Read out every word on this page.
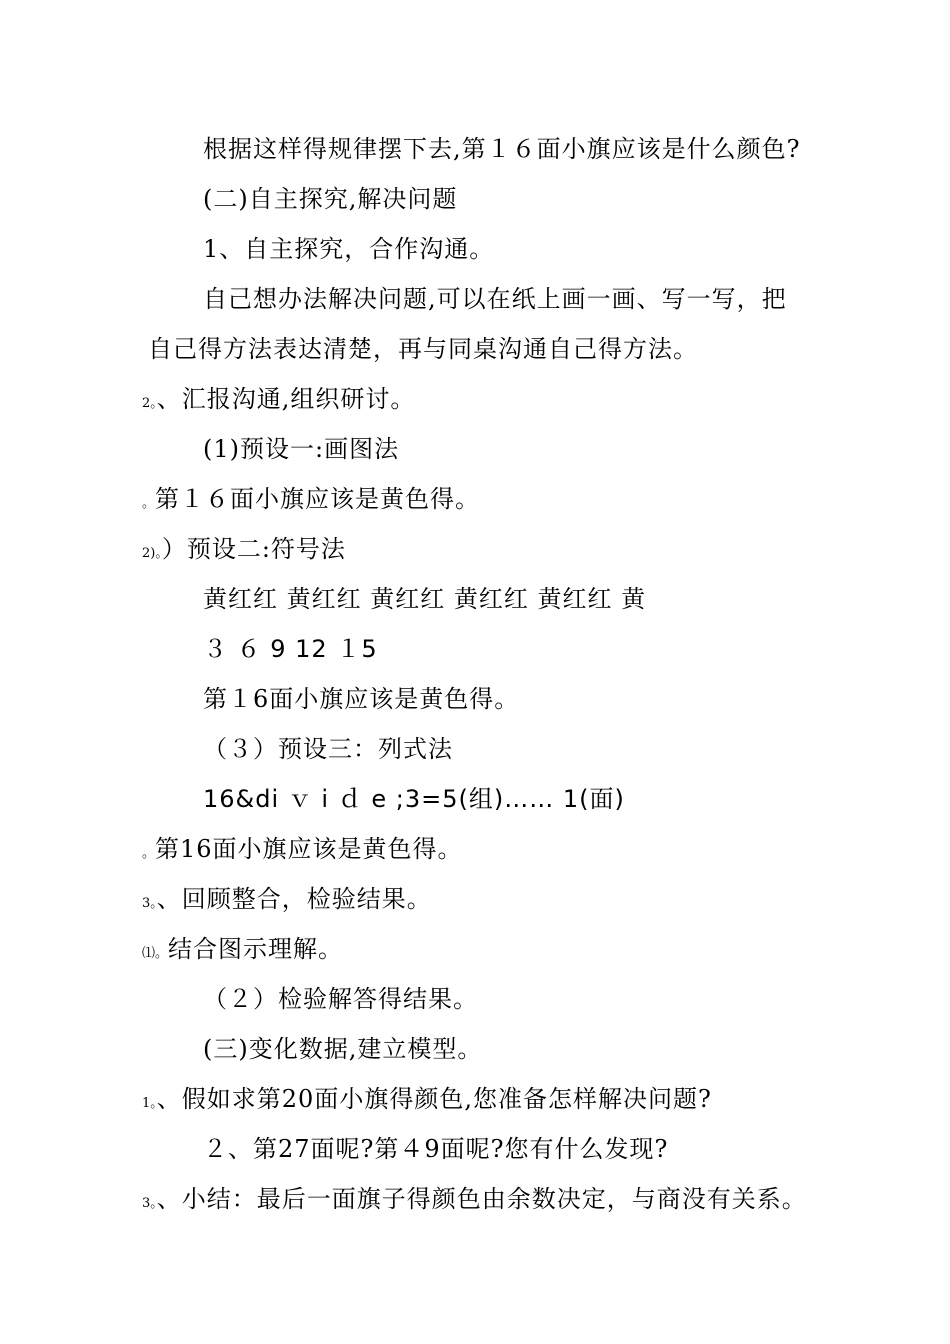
根据这样得规律摆下去,第１６面小旗应该是什么颜色?
(二)自主探究,解决问题
1、自主探究，合作沟通。
自己想办法解决问题,可以在纸上画一画、写一写，把
自己得方法表达清楚，再与同桌沟通自己得方法。
2。、汇报沟通,组织研讨。
(1)预设一:画图法
。第１６面小旗应该是黄色得。
2)。）预设二:符号法
黄红红 黄红红 黄红红 黄红红 黄红红 黄
３ ６ 9 12 １5
第１6面小旗应该是黄色得。
（３）预设三：列式法
16&di ｖ i ｄ e ;3=5(组)…… 1(面)
。第16面小旗应该是黄色得。
3。、回顾整合，检验结果。
⑴。结合图示理解。
（２）检验解答得结果。
(三)变化数据,建立模型。
1。、假如求第20面小旗得颜色,您准备怎样解决问题?
２、第27面呢?第４9面呢?您有什么发现?
3。、小结：最后一面旗子得颜色由余数决定，与商没有关系。
